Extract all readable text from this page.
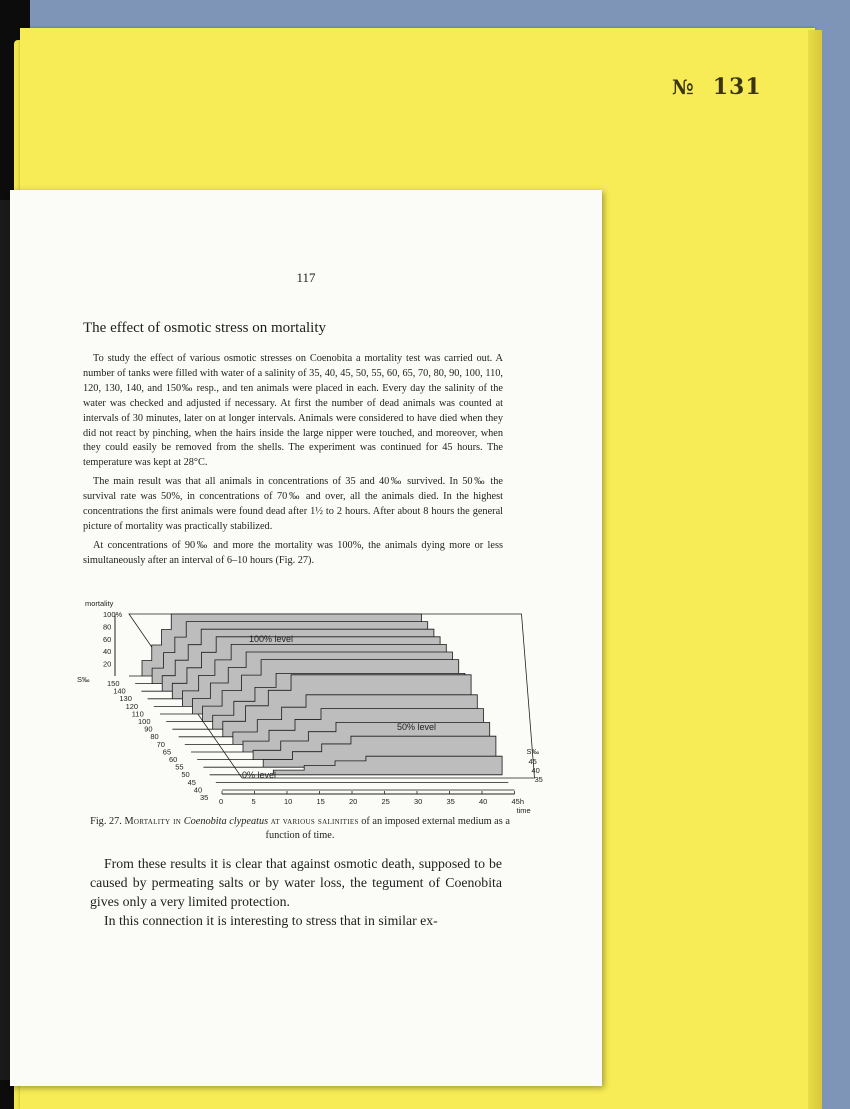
№ 131
117
The effect of osmotic stress on mortality

To study the effect of various osmotic stresses on Coenobita a mortality test was carried out. A number of tanks were filled with water of a salinity of 35, 40, 45, 50, 55, 60, 65, 70, 80, 90, 100, 110, 120, 130, 140, and 150‰ resp., and ten animals were placed in each. Every day the salinity of the water was checked and adjusted if necessary. At first the number of dead animals was counted at intervals of 30 minutes, later on at longer intervals. Animals were considered to have died when they did not react by pinching, when the hairs inside the large nipper were touched, and moreover, when they could easily be removed from the shells. The experiment was continued for 45 hours. The temperature was kept at 28°C.

The main result was that all animals in concentrations of 35 and 40‰ survived. In 50‰ the survival rate was 50%, in concentrations of 70‰ and over, all the animals died. In the highest concentrations the first animals were found dead after 1½ to 2 hours. After about 8 hours the general picture of mortality was practically stabilized.

At concentrations of 90‰ and more the mortality was 100%, the animals dying more or less simultaneously after an interval of 6–10 hours (Fig. 27).

mortality
100%
80
60
40
20
S‰ 150
140
130
120
110
100
90
80
70
65
60
55
50
45
40
35 0	5	10	15	20	25	30	35	40	45h
time
S‰
45
40
35
100% level
50% level
0% level
Fig. 27. Mortality in Coenobita clypeatus at various salinities of an imposed external medium as a function of time.

From these results it is clear that against osmotic death, supposed to be caused by permeating salts or by water loss, the tegument of Coenobita gives only a very limited protection.

In this connection it is interesting to stress that in similar ex-
